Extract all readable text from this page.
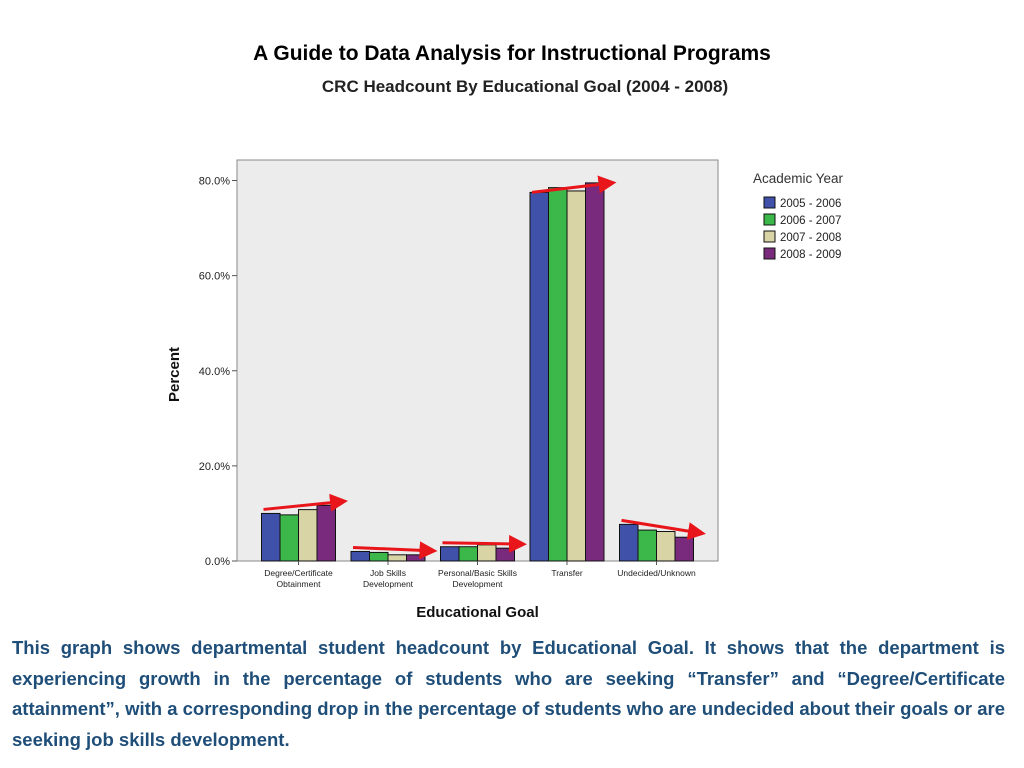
A Guide to Data Analysis for Instructional Programs
CRC Headcount By Educational Goal (2004 - 2008)
0.0%
20.0%
40.0%
60.0%
80.0%
Percent
Educational Goal
Degree/Certificate
Obtainment
Job Skills
Development
Personal/Basic Skills
Development
Transfer	Undecided/Unknown
Academic Year
2005 - 2006
2006 - 2007
2007 - 2008
2008 - 2009

This graph shows departmental student headcount by Educational Goal. It shows that the department is experiencing growth in the percentage of students who are seeking “Transfer” and “Degree/Certificate attainment”, with a corresponding drop in the percentage of students who are undecided about their goals or are seeking job skills development.
